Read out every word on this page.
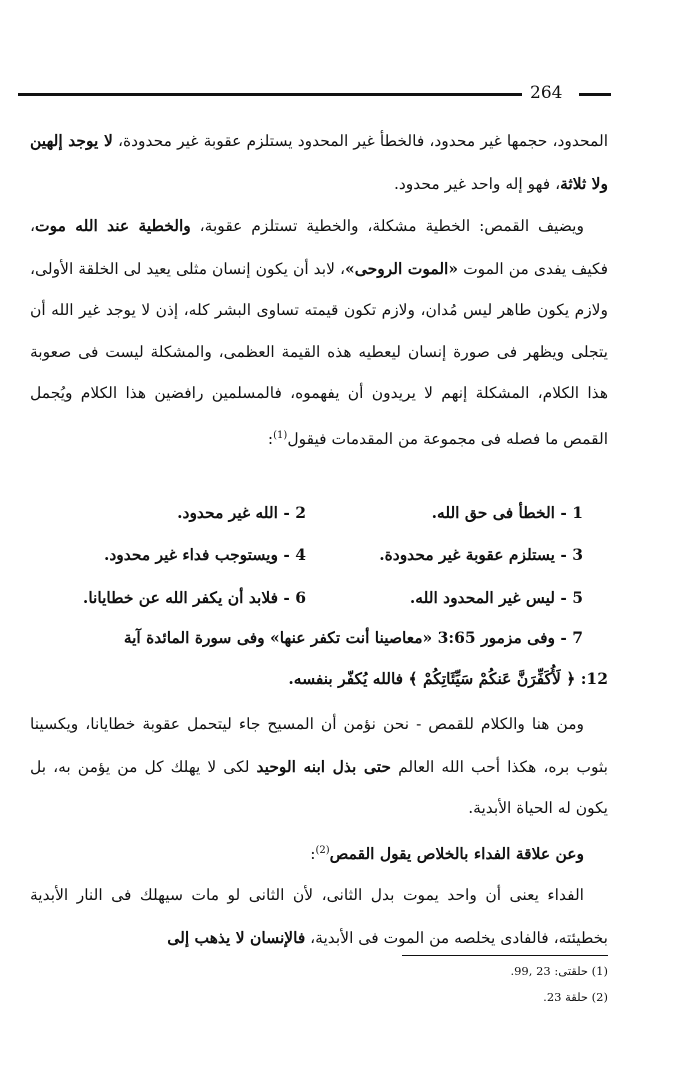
264

المحدود، حجمها غير محدود، فالخطأ غير المحدود يستلزم عقوبة غير محدودة، لا يوجد إلهين ولا ثلاثة، فهو إله واحد غير محدود.

ويضيف القمص: الخطية مشكلة، والخطية تستلزم عقوبة، والخطية عند الله موت، فكيف يفدى من الموت «الموت الروحى»، لابد أن يكون إنسان مثلى يعيد لى الخلقة الأولى، ولازم يكون طاهر ليس مُدان، ولازم تكون قيمته تساوى البشر كله، إذن لا يوجد غير الله أن يتجلى ويظهر فى صورة إنسان ليعطيه هذه القيمة العظمى، والمشكلة ليست فى صعوبة هذا الكلام، المشكلة إنهم لا يريدون أن يفهموه، فالمسلمين رافضين هذا الكلام ويُجمل القمص ما فصله فى مجموعة من المقدمات فيقول$^{(1)}$:

1 - الخطأ فى حق الله.
2 - الله غير محدود.
3 - يستلزم عقوبة غير محدودة.
4 - ويستوجب فداء غير محدود.
5 - ليس غير المحدود الله.
6 - فلابد أن يكفر الله عن خطايانا.
7 - وفى مزمور 3:65 «معاصينا أنت تكفر عنها» وفى سورة المائدة آية
12: ﴿ لَأُكَفِّرَنَّ عَنكُمْ سَيِّئَاتِكُمْ ﴾ فالله يُكفّر بنفسه.

ومن هنا والكلام للقمص - نحن نؤمن أن المسيح جاء ليتحمل عقوبة خطايانا، ويكسينا بثوب بره، هكذا أحب الله العالم حتى بذل ابنه الوحيد لكى لا يهلك كل من يؤمن به، بل يكون له الحياة الأبدية.

وعن علاقة الفداء بالخلاص يقول القمص$^{(2)}$:

الفداء يعنى أن واحد يموت بدل الثانى، لأن الثانى لو مات سيهلك فى النار الأبدية بخطيئته، فالفادى يخلصه من الموت فى الأبدية، فالإنسان لا يذهب إلى

(1) حلقتى: 23 ,99.
(2) حلقة 23.
